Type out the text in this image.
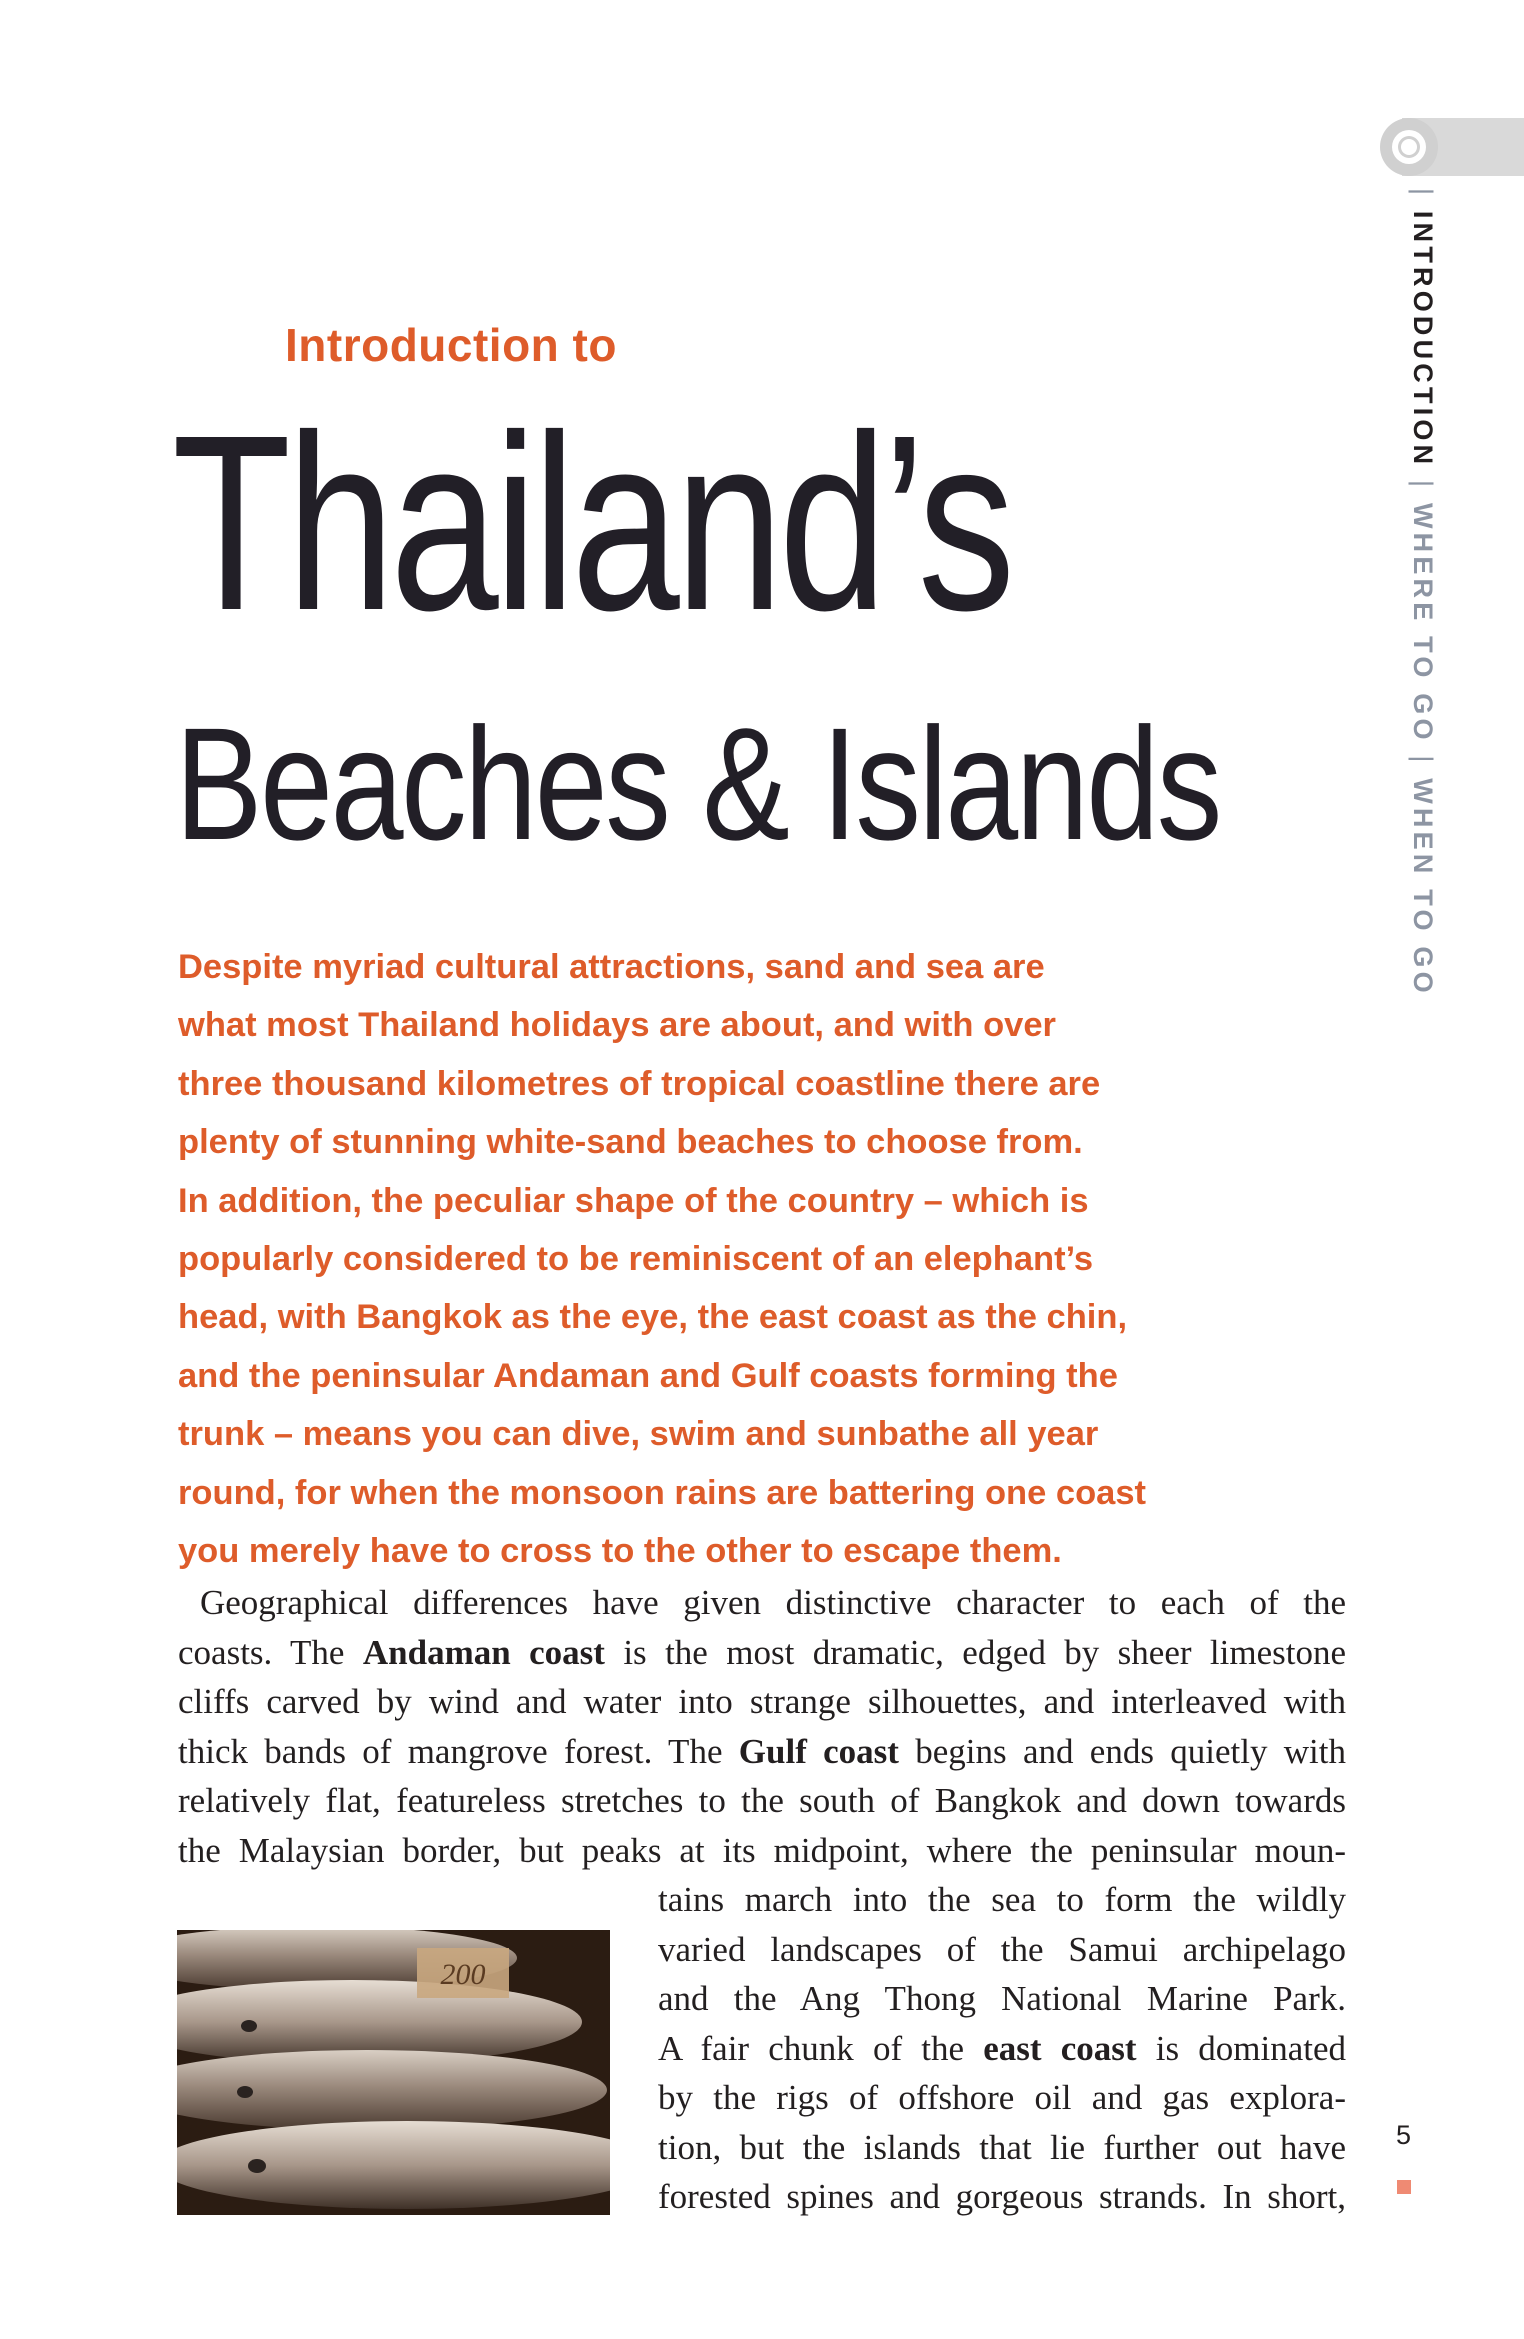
Introduction to
Thailand’s
Beaches & Islands

Despite myriad cultural attractions, sand and sea are
what most Thailand holidays are about, and with over
three thousand kilometres of tropical coastline there are
plenty of stunning white-sand beaches to choose from.
In addition, the peculiar shape of the country – which is
popularly considered to be reminiscent of an elephant’s
head, with Bangkok as the eye, the east coast as the chin,
and the peninsular Andaman and Gulf coasts forming the
trunk – means you can dive, swim and sunbathe all year
round, for when the monsoon rains are battering one coast
you merely have to cross to the other to escape them.

Geographical differences have given distinctive character to each of the
coasts. The Andaman coast is the most dramatic, edged by sheer limestone
cliffs carved by wind and water into strange silhouettes, and interleaved with
thick bands of mangrove forest. The Gulf coast begins and ends quietly with
relatively flat, featureless stretches to the south of Bangkok and down towards
the Malaysian border, but peaks at its midpoint, where the peninsular moun-

tains march into the sea to form the wildly
varied landscapes of the Samui archipelago
and the Ang Thong National Marine Park.
A fair chunk of the east coast is dominated
by the rigs of offshore oil and gas explora-
tion, but the islands that lie further out have
forested spines and gorgeous strands. In short,

200
| INTRODUCTION | WHERE TO GO | WHEN TO GO
5
